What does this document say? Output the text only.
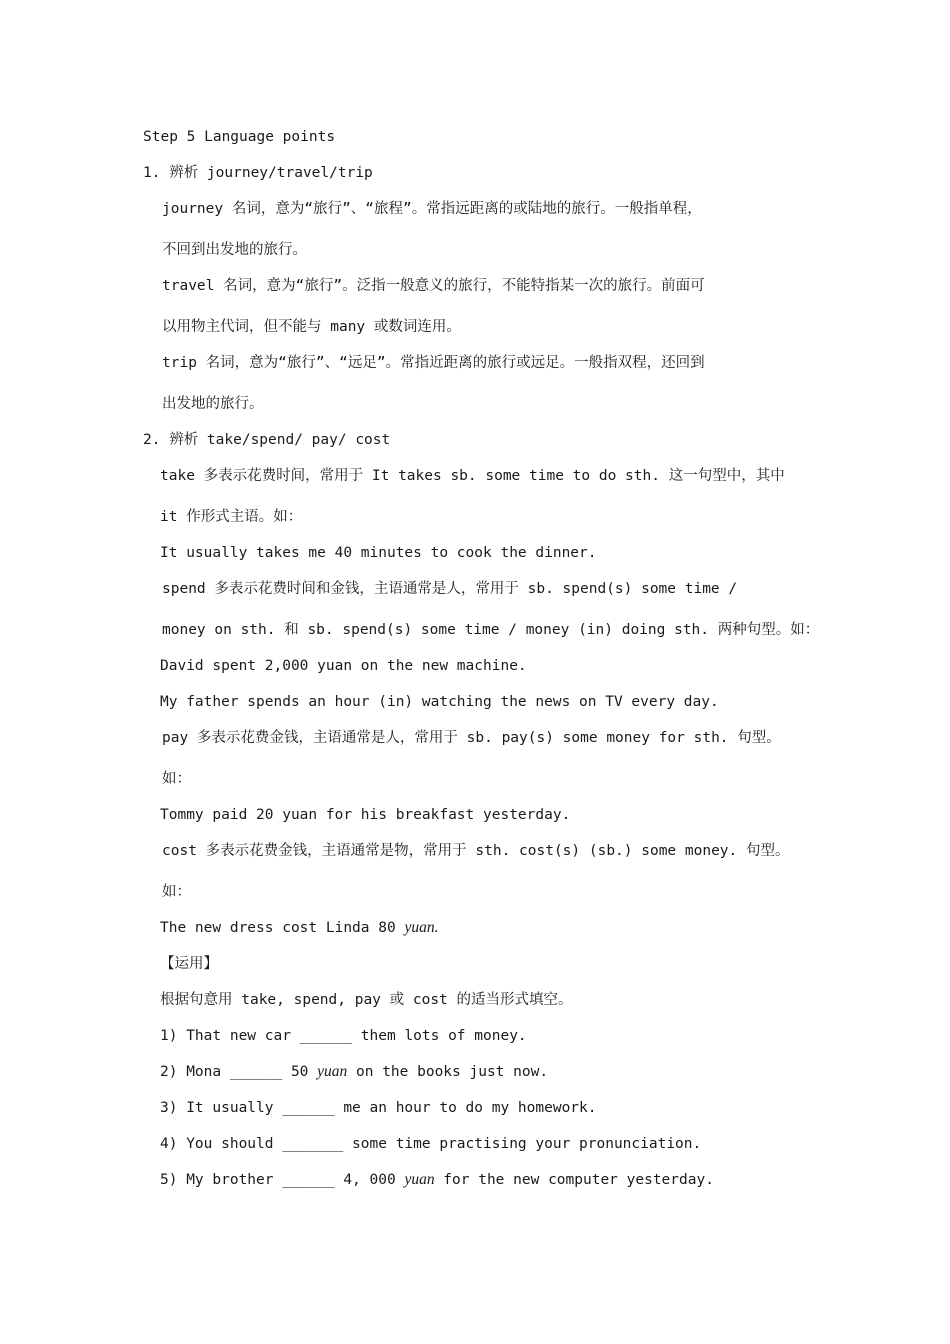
Step 5 Language points
1. 辨析 journey/travel/trip
journey 名词，意为“旅行”、“旅程”。常指远距离的或陆地的旅行。一般指单程，
不回到出发地的旅行。
travel 名词，意为“旅行”。泛指一般意义的旅行，不能特指某一次的旅行。前面可
以用物主代词，但不能与 many 或数词连用。
trip 名词，意为“旅行”、“远足”。常指近距离的旅行或远足。一般指双程，还回到
出发地的旅行。
2. 辨析 take/spend/ pay/ cost
take 多表示花费时间，常用于 It takes sb. some time to do sth. 这一句型中，其中
it 作形式主语。如：
It usually takes me 40 minutes to cook the dinner.
spend 多表示花费时间和金钱，主语通常是人，常用于 sb. spend(s) some time /
money on sth. 和 sb. spend(s) some time / money (in) doing sth. 两种句型。如：
David spent 2,000 yuan on the new machine.
My father spends an hour (in) watching the news on TV every day.
pay 多表示花费金钱，主语通常是人，常用于 sb. pay(s) some money for sth. 句型。
如：
Tommy paid 20 yuan for his breakfast yesterday.
cost 多表示花费金钱，主语通常是物，常用于 sth. cost(s) (sb.) some money. 句型。
如：
The new dress cost Linda 80 yuan.
【运用】
根据句意用 take, spend, pay 或 cost 的适当形式填空。
1) That new car ______ them lots of money.
2) Mona ______ 50 yuan on the books just now.
3) It usually ______ me an hour to do my homework.
4) You should _______ some time practising your pronunciation.
5) My brother ______ 4, 000 yuan for the new computer yesterday.
